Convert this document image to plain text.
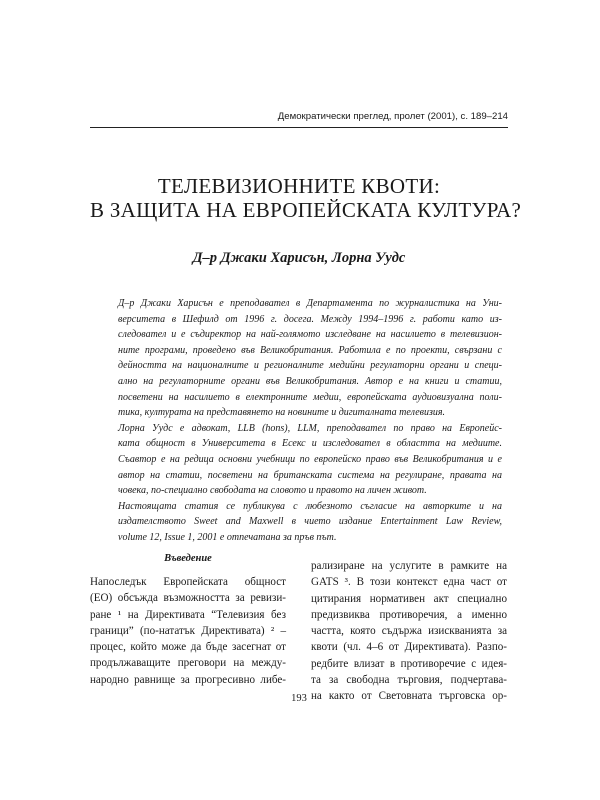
Демократически преглед, пролет (2001), с. 189–214
ТЕЛЕВИЗИОННИТЕ КВОТИ:
В ЗАЩИТА НА ЕВРОПЕЙСКАТА КУЛТУРА?
Д–р Джаки Харисън, Лорна Уудс
Д–р Джаки Харисън е преподавател в Департамента по журналистика на Уни-
верситета в Шефилд от 1996 г. досега. Между 1994–1996 г. работи като из-
следовател и е съдиректор на най-голямото изследване на насилието в телевизион-
ните програми, проведено във Великобритания. Работила е по проекти, свързани с
дейността на националните и регионалните медийни регулаторни органи и специ-
ално на регулаторните органи във Великобритания. Автор е на книги и статии,
посветени на насилието в електронните медии, европейската аудиовизуална поли-
тика, културата на представянето на новините и дигиталната телевизия.
Лорна Уудс е адвокат, LLB (hons), LLM, преподавател по право на Европейс-
ката общност в Университета в Есекс и изследовател в областта на медиите.
Съавтор е на редица основни учебници по европейско право във Великобритания и е
автор на статии, посветени на британската система на регулиране, правата на
човека, по-специално свободата на словото и правото на личен живот.
Настоящата статия се публикува с любезното съгласие на авторките и на
издателството Sweet and Maxwell в чието издание Entertainment Law Review,
volume 12, Issue 1, 2001 е отпечатана за пръв път.
Въведение
Напоследък Европейската общност
(ЕО) обсъжда възможността за ревизи-
ране ¹ на Директивата “Телевизия без
граници” (по-нататък Директивата) ² –
процес, който може да бъде засегнат от
продължаващите преговори на между-
народно равнище за прогресивно либе-
рализиране на услугите в рамките на
GATS ³. В този контекст една част от
цитирания нормативен акт специално
предизвиква противоречия, а именно
частта, която съдържа изискванията за
квоти (чл. 4–6 от Директивата). Разпо-
редбите влизат в противоречие с идея-
та за свободна търговия, подчертава-
на както от Световната търговска ор-
193
